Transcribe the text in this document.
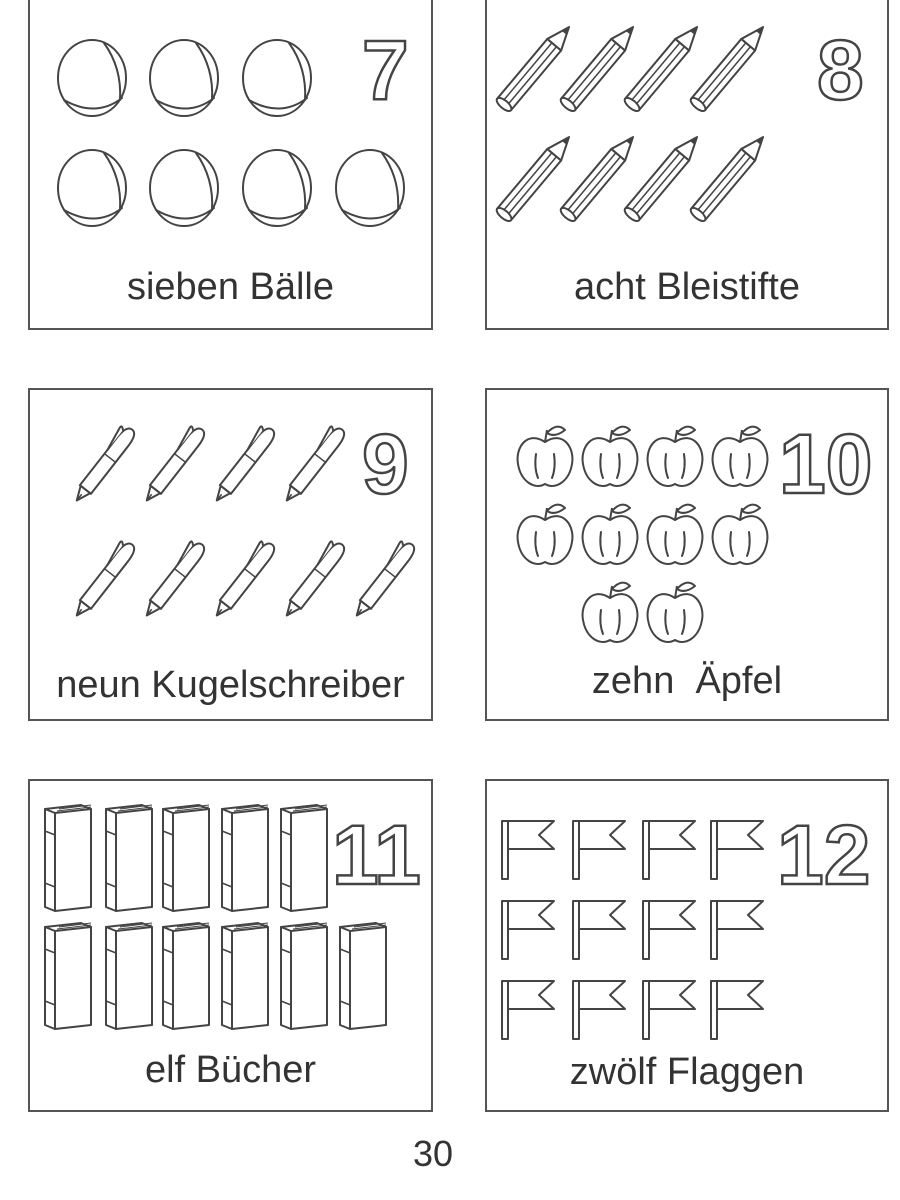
7
sieben Bälle
8
acht Bleistifte
9
neun Kugelschreiber
10
zehn  Äpfel
11
elf Bücher
12
zwölf Flaggen
30
